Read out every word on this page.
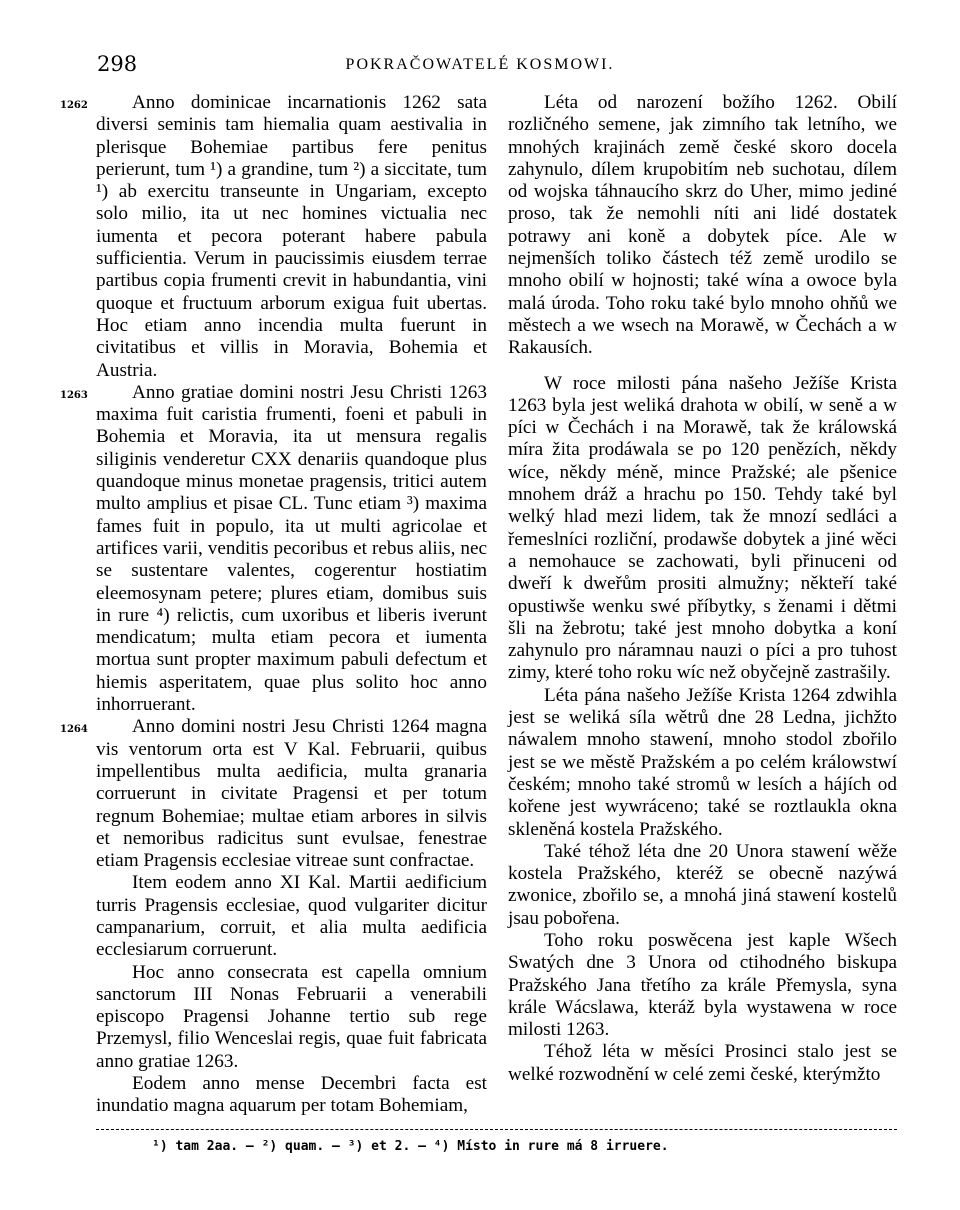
298	POKRAČOWATELÉ KOSMOWI.

1262 Anno dominicae incarnationis 1262 sata diversi seminis tam hiemalia quam aestivalia in plerisque Bohemiae partibus fere penitus perierunt, tum ¹) a grandine, tum ²) a siccitate, tum ¹) ab exercitu transeunte in Ungariam, excepto solo milio, ita ut nec homines victualia nec iumenta et pecora poterant habere pabula sufficientia. Verum in paucissimis eiusdem terrae partibus copia frumenti crevit in habundantia, vini quoque et fructuum arborum exigua fuit ubertas. Hoc etiam anno incendia multa fuerunt in civitatibus et villis in Moravia, Bohemia et Austria.

1263 Anno gratiae domini nostri Jesu Christi 1263 maxima fuit caristia frumenti, foeni et pabuli in Bohemia et Moravia, ita ut mensura regalis siliginis venderetur CXX denariis quandoque plus quandoque minus monetae pragensis, tritici autem multo amplius et pisae CL. Tunc etiam ³) maxima fames fuit in populo, ita ut multi agricolae et artifices varii, venditis pecoribus et rebus aliis, nec se sustentare valentes, cogerentur hostiatim eleemosynam petere; plures etiam, domibus suis in rure ⁴) relictis, cum uxoribus et liberis iverunt mendicatum; multa etiam pecora et iumenta mortua sunt propter maximum pabuli defectum et hiemis asperitatem, quae plus solito hoc anno inhorruerant.

1264 Anno domini nostri Jesu Christi 1264 magna vis ventorum orta est V Kal. Februarii, quibus impellentibus multa aedificia, multa granaria corruerunt in civitate Pragensi et per totum regnum Bohemiae; multae etiam arbores in silvis et nemoribus radicitus sunt evulsae, fenestrae etiam Pragensis ecclesiae vitreae sunt confractae.

Item eodem anno XI Kal. Martii aedificium turris Pragensis ecclesiae, quod vulgariter dicitur campanarium, corruit, et alia multa aedificia ecclesiarum corruerunt.

Hoc anno consecrata est capella omnium sanctorum III Nonas Februarii a venerabili episcopo Pragensi Johanne tertio sub rege Przemysl, filio Wenceslai regis, quae fuit fabricata anno gratiae 1263.

Eodem anno mense Decembri facta est inundatio magna aquarum per totam Bohemiam,

Léta od narození božího 1262. Obilí rozličného semene, jak zimního tak letního, we mnohých krajinách země české skoro docela zahynulo, dílem krupobitím neb suchotau, dílem od wojska táhnaucího skrz do Uher, mimo jediné proso, tak že nemohli níti ani lidé dostatek potrawy ani koně a dobytek píce. Ale w nejmenších toliko částech též země urodilo se mnoho obilí w hojnosti; také wína a owoce byla malá úroda. Toho roku také bylo mnoho ohňů we městech a we wsech na Morawě, w Čechách a w Rakausích.

W roce milosti pána našeho Ježíše Krista 1263 byla jest weliká drahota w obilí, w seně a w píci w Čechách i na Morawě, tak že králowská míra žita prodáwala se po 120 penězích, někdy wíce, někdy méně, mince Pražské; ale pšenice mnohem dráž a hrachu po 150. Tehdy také byl welký hlad mezi lidem, tak že mnozí sedláci a řemeslníci rozliční, prodawše dobytek a jiné wěci a nemohauce se zachowati, byli přinuceni od dweří k dweřům prositi almužny; někteří také opustiwše wenku swé příbytky, s ženami i dětmi šli na žebrotu; také jest mnoho dobytka a koní zahynulo pro náramnau nauzi o píci a pro tuhost zimy, které toho roku wíc než obyčejně zastrašily.

Léta pána našeho Ježíše Krista 1264 zdwihla jest se weliká síla wětrů dne 28 Ledna, jichžto náwalem mnoho stawení, mnoho stodol zbořilo jest se we městě Pražském a po celém králowstwí českém; mnoho také stromů w lesích a hájích od kořene jest wywráceno; také se roztlaukla okna skleněná kostela Pražského.

Také téhož léta dne 20 Unora stawení wěže kostela Pražského, kteréž se obecně nazýwá zwonice, zbořilo se, a mnohá jiná stawení kostelů jsau pobořena.

Toho roku poswěcena jest kaple Wšech Swatých dne 3 Unora od ctihodného biskupa Pražského Jana třetího za krále Přemysla, syna krále Wácslawa, kteráž byla wystawena w roce milosti 1263.

Téhož léta w měsíci Prosinci stalo jest se welké rozwodnění w celé zemi české, kterýmžto

¹) tam 2aa. — ²) quam. — ³) et 2. — ⁴) Místo in rure má 8 irruere.
